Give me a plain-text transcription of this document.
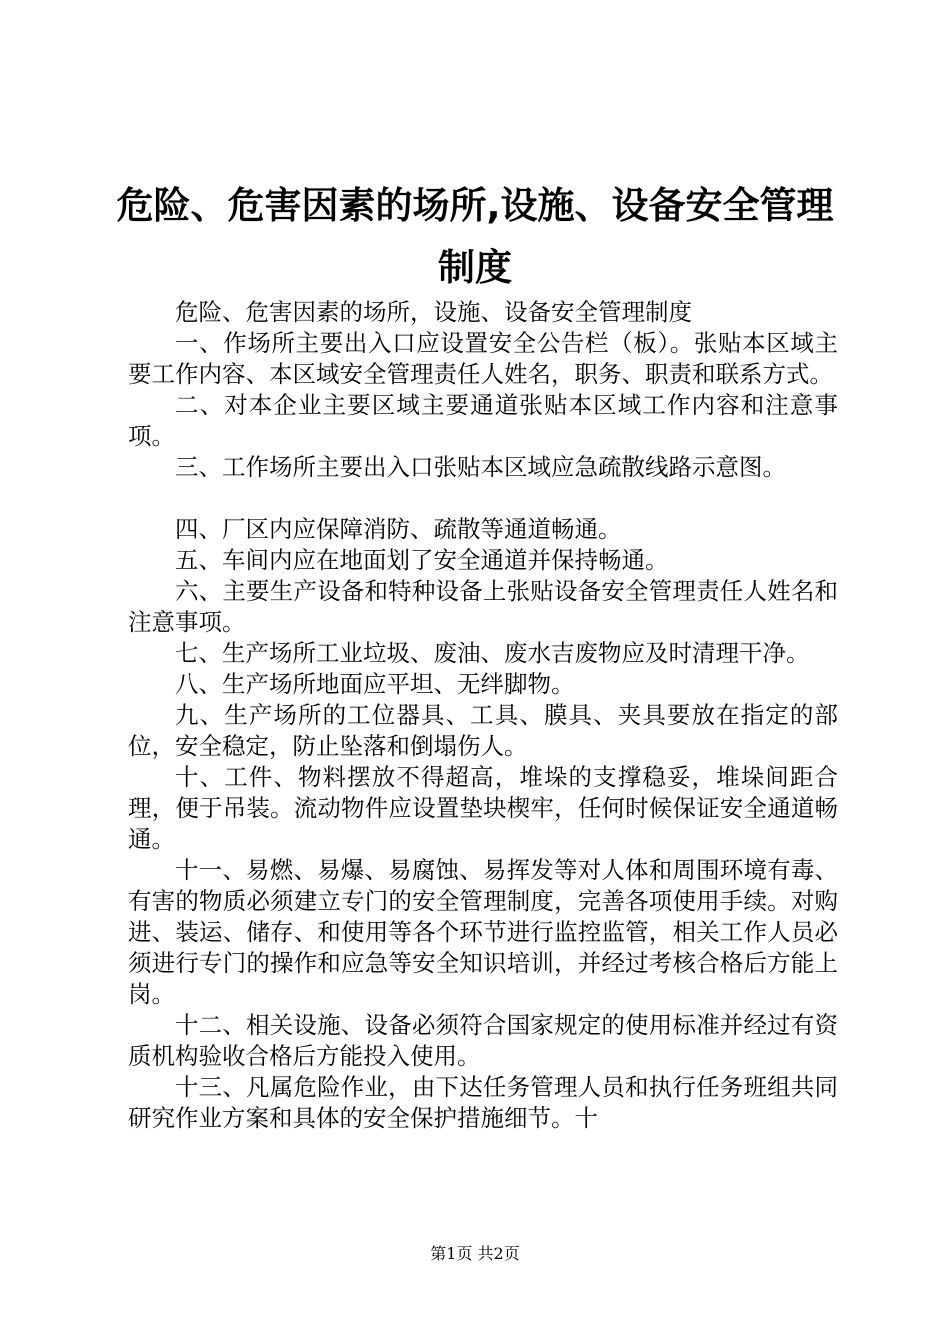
危险、危害因素的场所,设施、设备安全管理
制度

危险、危害因素的场所，设施、设备安全管理制度

一、作场所主要出入口应设置安全公告栏（板）。张贴本区域主要工作内容、本区域安全管理责任人姓名，职务、职责和联系方式。

二、对本企业主要区域主要通道张贴本区域工作内容和注意事项。

三、工作场所主要出入口张贴本区域应急疏散线路示意图。

四、厂区内应保障消防、疏散等通道畅通。

五、车间内应在地面划了安全通道并保持畅通。

六、主要生产设备和特种设备上张贴设备安全管理责任人姓名和注意事项。

七、生产场所工业垃圾、废油、废水吉废物应及时清理干净。

八、生产场所地面应平坦、无绊脚物。

九、生产场所的工位器具、工具、膜具、夹具要放在指定的部位，安全稳定，防止坠落和倒塌伤人。

十、工件、物料摆放不得超高，堆垛的支撑稳妥，堆垛间距合理，便于吊装。流动物件应设置垫块楔牢，任何时候保证安全通道畅通。

十一、易燃、易爆、易腐蚀、易挥发等对人体和周围环境有毒、有害的物质必须建立专门的安全管理制度，完善各项使用手续。对购进、装运、储存、和使用等各个环节进行监控监管，相关工作人员必须进行专门的操作和应急等安全知识培训，并经过考核合格后方能上岗。

十二、相关设施、设备必须符合国家规定的使用标准并经过有资质机构验收合格后方能投入使用。

十三、凡属危险作业，由下达任务管理人员和执行任务班组共同研究作业方案和具体的安全保护措施细节。十

第1页 共2页
